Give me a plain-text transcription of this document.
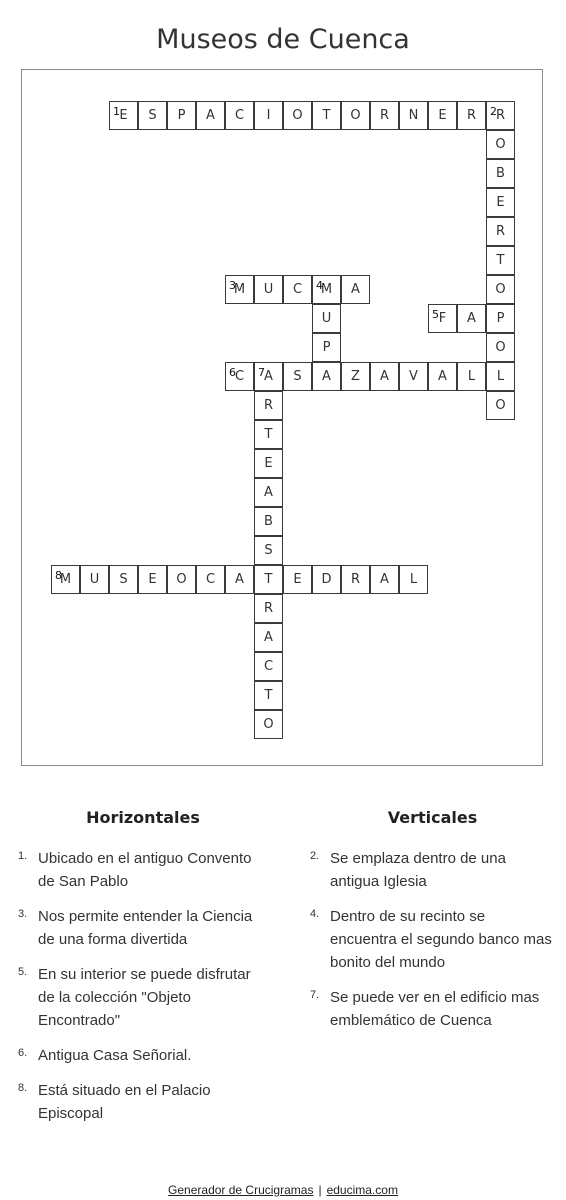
Museos de Cuenca
E
1 S P A C I O T O R N E R R
2
O
B
E
R
T
O
P
O
L
O
M
3 U C M
4 A
U
P
F
5 A
C
6 A
7 S A Z A V A L
R
T
E
A
B
S
T
R
A
C
T
O
M
8 U S E O C A	E D R A L
Horizontales
1. Ubicado en el antiguo Convento de San Pablo
3. Nos permite entender la Ciencia de una forma divertida
5. En su interior se puede disfrutar de la colección "Objeto Encontrado"
6. Antigua Casa Señorial.
8. Está situado en el Palacio Episcopal
Verticales
2. Se emplaza dentro de una antigua Iglesia
4. Dentro de su recinto se encuentra el segundo banco mas bonito del mundo
7. Se puede ver en el edificio mas emblemático de Cuenca
Generador de Crucigramas | educima.com
